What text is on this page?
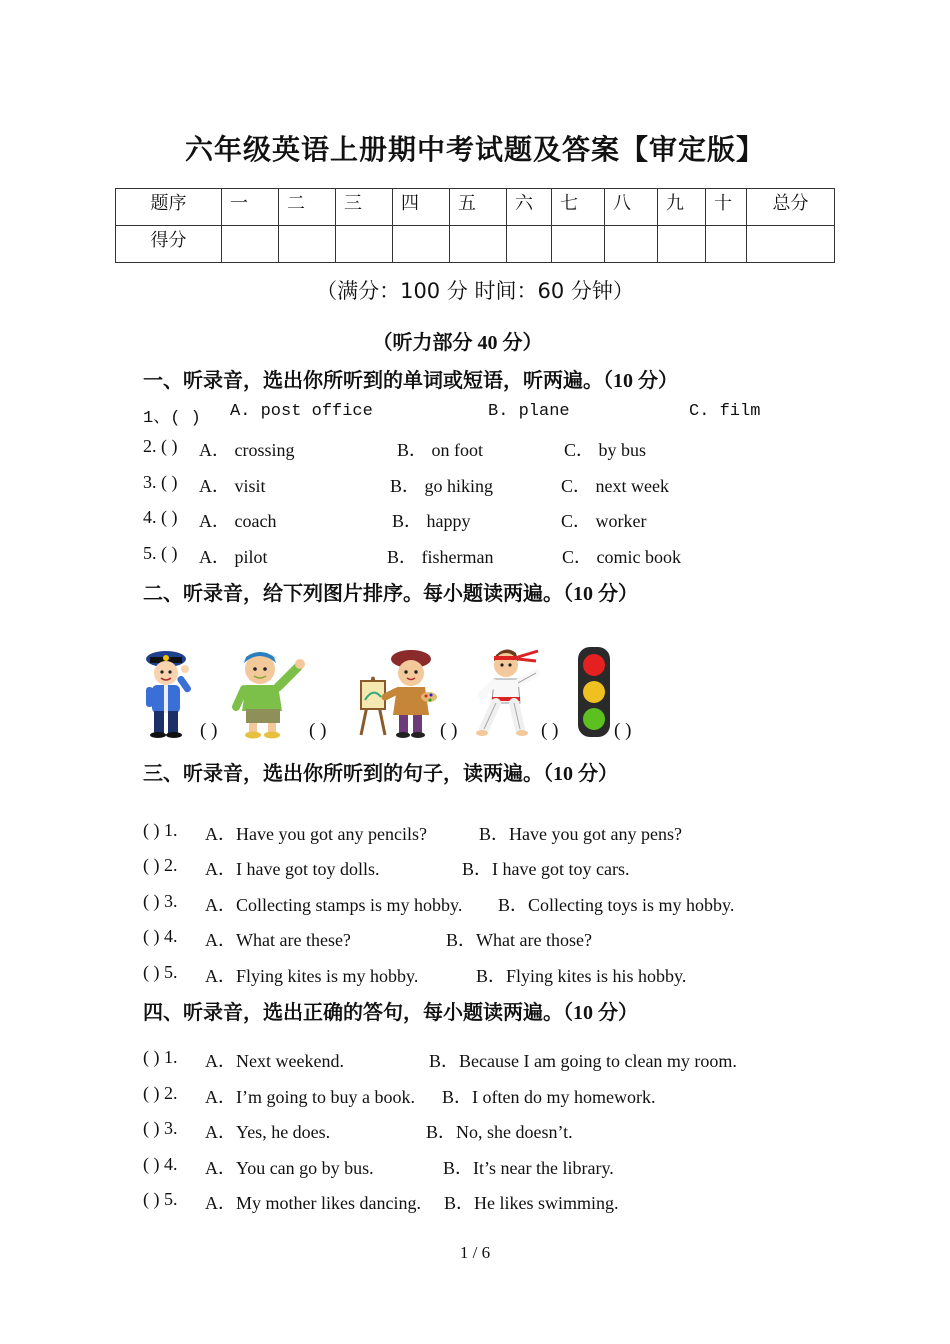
六年级英语上册期中考试题及答案【审定版】
题序	一	二	三	四	五	六	七	八	九	十	总分
得分											
（满分：100 分 时间：60 分钟）
（听力部分 40 分）
一、听录音，选出你所听到的单词或短语，听两遍。（10 分）
1、( ) A. post office	B. plane	C. film
2. ( ) A． crossing	B． on foot	C． by bus
3. ( ) A． visit	B． go hiking	C． next week
4. ( ) A． coach	B． happy	C． worker
5. ( ) A． pilot	B． fisherman	C． comic book
二、听录音，给下列图片排序。每小题读两遍。（10 分）
( )	( )	( )	( )	( )
三、听录音，选出你所听到的句子，读两遍。（10 分）
( ) 1. A．Have you got any pencils?	B．Have you got any pens?
( ) 2. A．I have got toy dolls.	B．I have got toy cars.
( ) 3. A．Collecting stamps is my hobby. B．Collecting toys is my hobby.
( ) 4. A．What are these?	B．What are those?
( ) 5. A．Flying kites is my hobby.	B．Flying kites is his hobby.
四、听录音，选出正确的答句，每小题读两遍。（10 分）
( ) 1. A．Next weekend.	B．Because I am going to clean my room.
( ) 2. A．I’m going to buy a book. B．I often do my homework.
( ) 3. A．Yes, he does.	B．No, she doesn’t.
( ) 4. A．You can go by bus.	B．It’s near the library.
( ) 5. A．My mother likes dancing. B．He likes swimming.
1 / 6
